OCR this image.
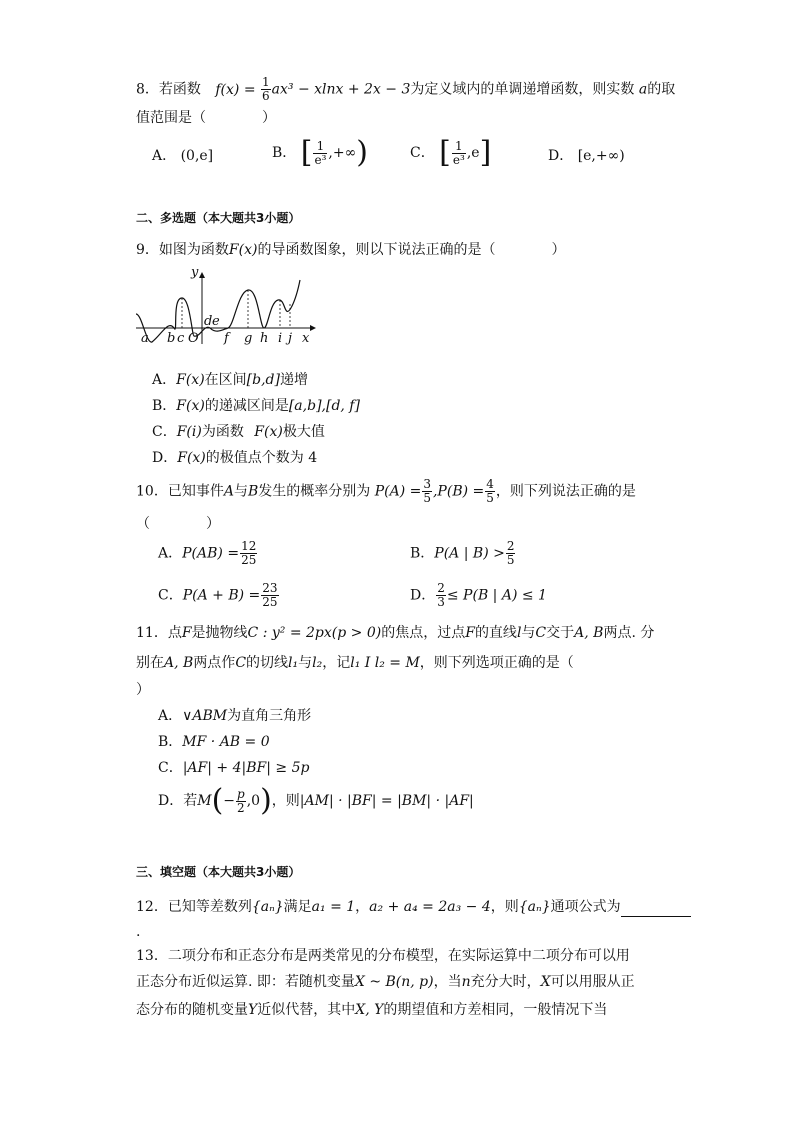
8．若函数 $f(x) = \frac{1}{6} ax^3 - xlnx + 2x - 3$为定义域内的单调递增函数，则实数 a的取
值范围是（　　　　）
A． (0,e]	B． [ $\frac{1}{\text{e³}}$ ,+∞)	C． [ $\frac{1}{\text{e³}} ,e$]	D． [e,+∞)
二、多选题（本大题共3小题）
9．如图为函数F(x)的导函数图象，则以下说法正确的是（　　　　）
y
a b c O
d e
f g h i j x
A．F(x)在区间[b,d]递增
B．F(x)的递减区间是[a,b],[d, f]
C．F(i)为函数 F(x)极大值
D．F(x)的极值点个数为 4
10．已知事件A与B发生的概率分别为 $P(A) = \frac{3}{5} ,P(B) = \frac{4}{5}$ ，则下列说法正确的是
（　　　　）
A．$P(AB) = \frac{12}{25}$	B．P(A | $B) > \frac{2}{5}$
C．$P(A + B) = \frac{23}{25}$	D． $\frac{2}{3} \le P(B$ | A) ≤ 1
11．点F是抛物线C : y² = 2px(p > 0)的焦点，过点F的直线l与C交于A, B两点. 分
别在A, B两点作C的切线l₁与l₂，记l₁ I l₂ = M，则下列选项正确的是（
）
A．∨ABM为直角三角形
B．MF · AB = 0
C．|AF| + 4|BF| ≥ 5p
D．若$M(- \frac{p}{2} ,0)$，则|AM| · |BF| = |BM| · |AF|
三、填空题（本大题共3小题）
12．已知等差数列{aₙ}满足a₁ = 1，a₂ + a₄ = 2a₃ − 4，则{aₙ}通项公式为
.
13．二项分布和正态分布是两类常见的分布模型，在实际运算中二项分布可以用
正态分布近似运算. 即：若随机变量X ~ B(n, p)，当n充分大时，X可以用服从正
态分布的随机变量Y近似代替，其中X, Y的期望值和方差相同，一般情况下当
